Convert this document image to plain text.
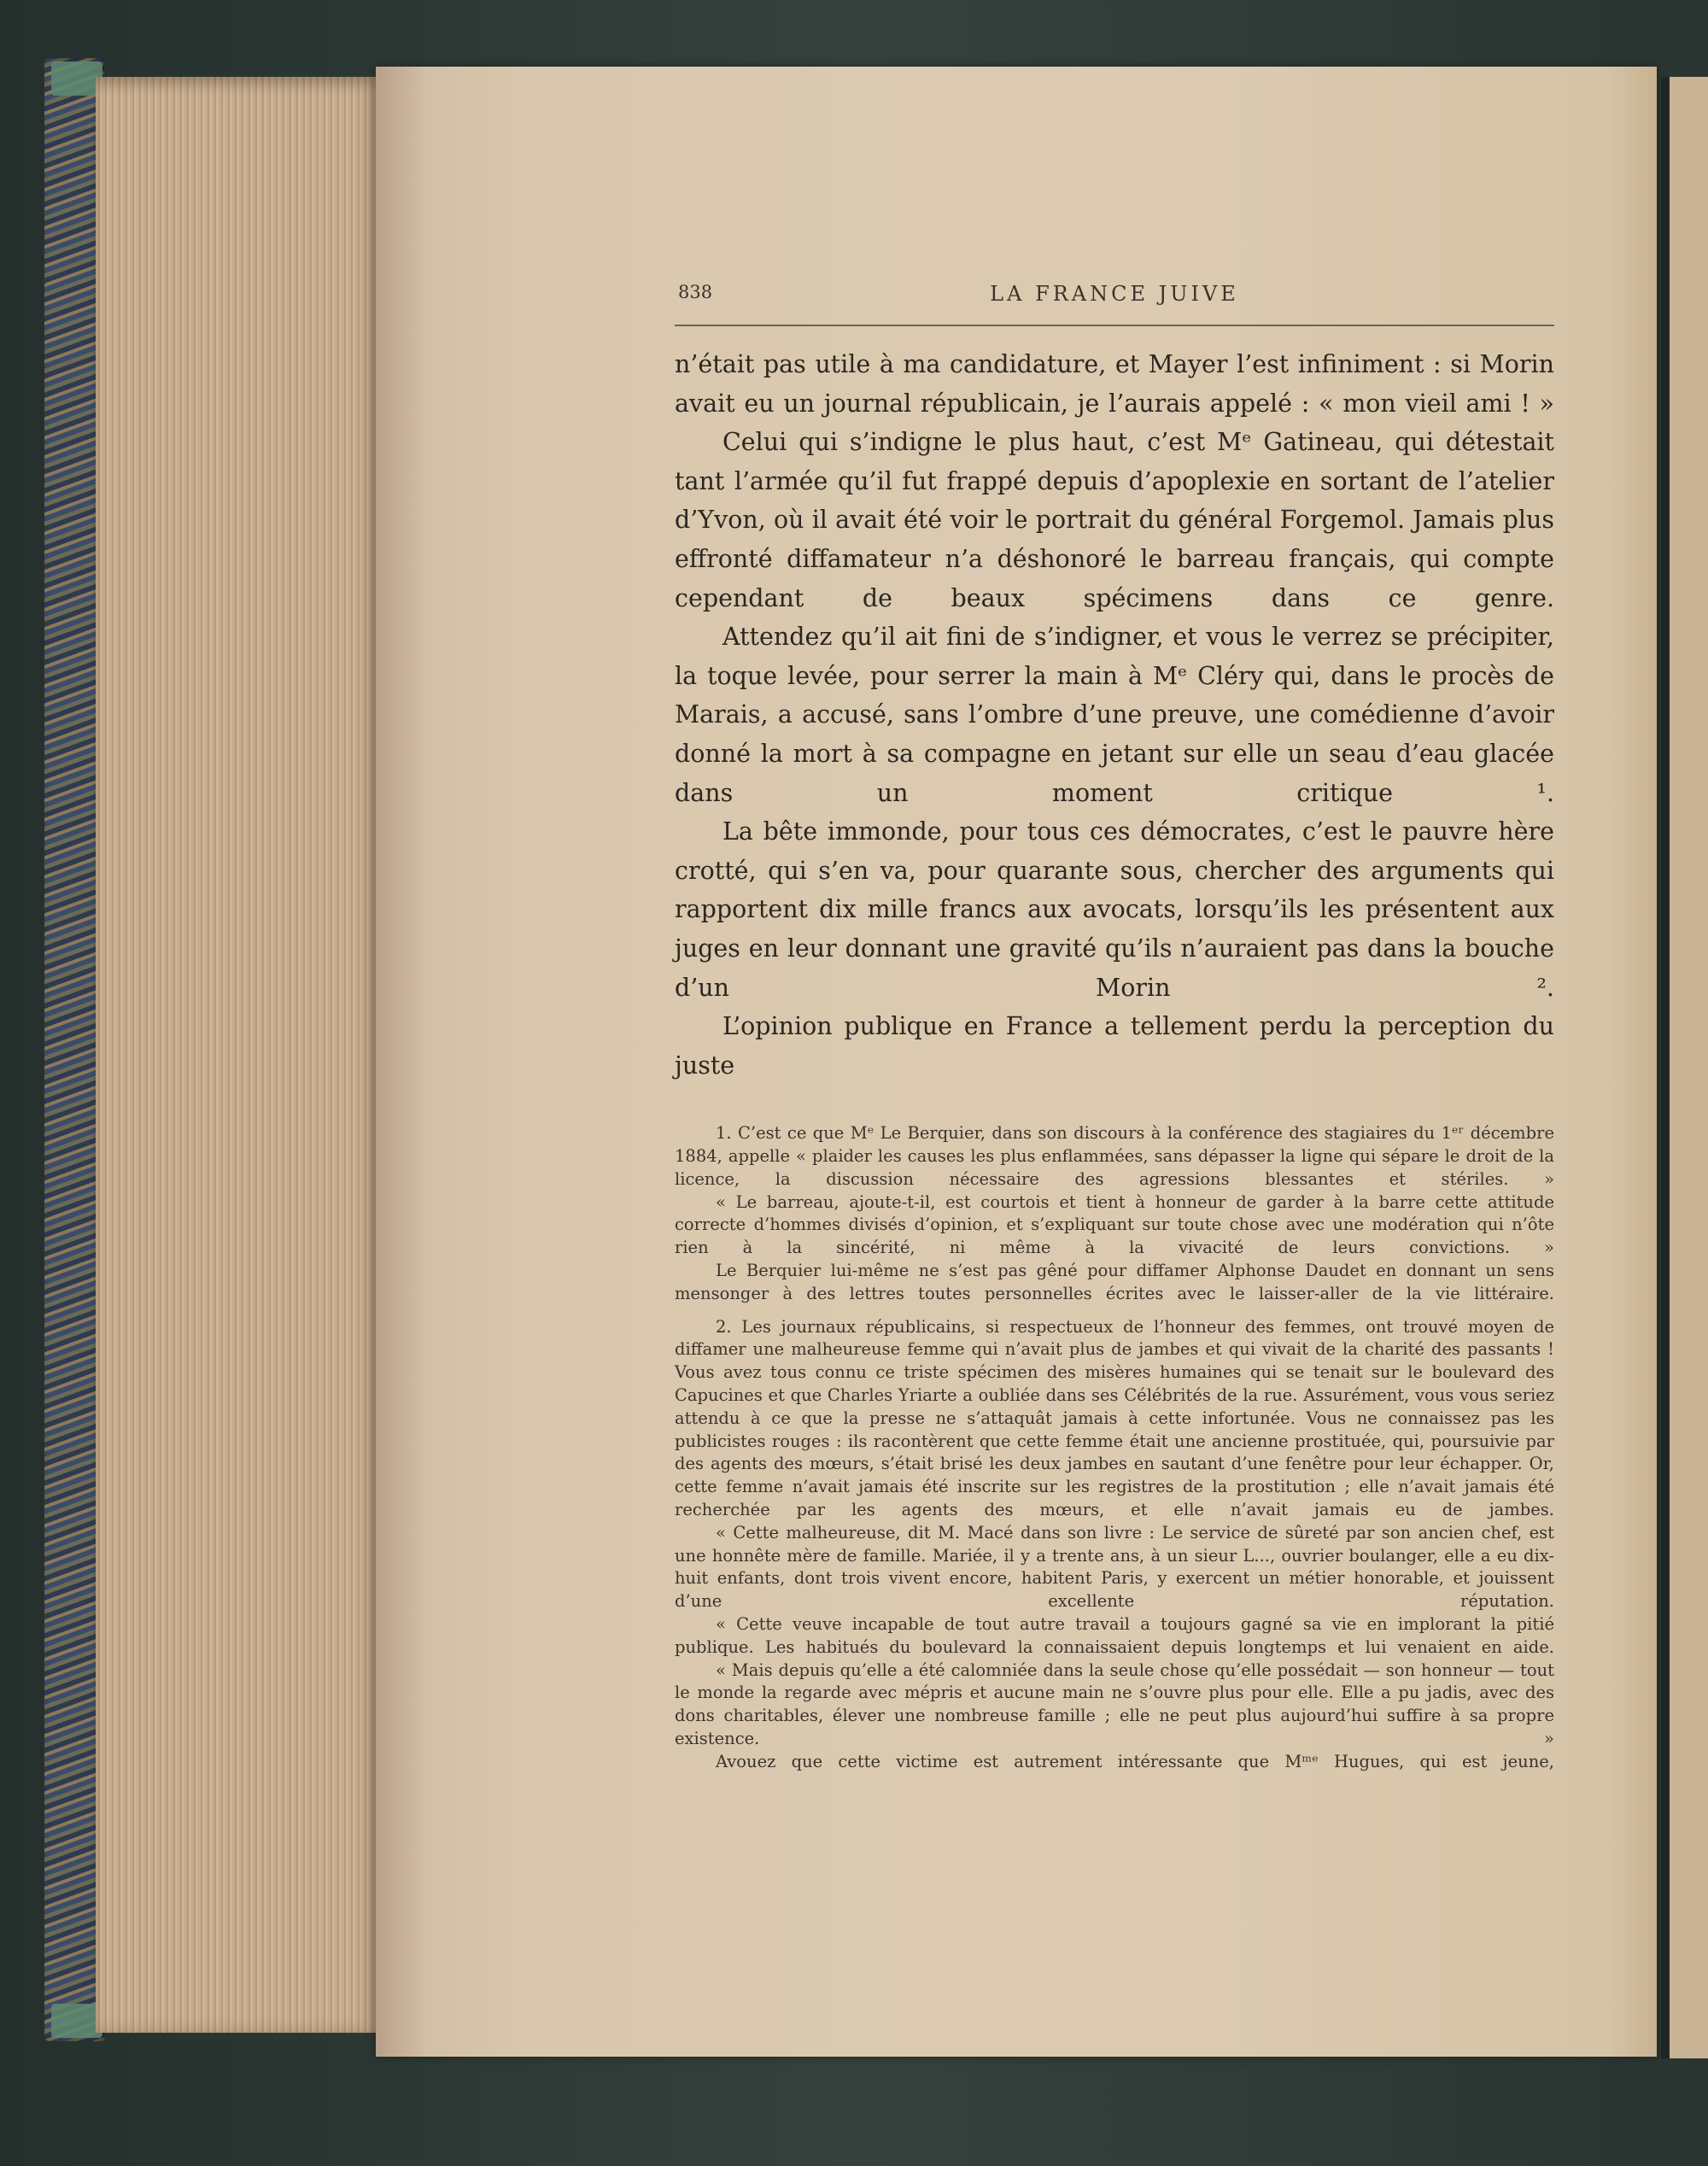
838	LA FRANCE JUIVE

n’était pas utile à ma candidature, et Mayer l’est infiniment : si Morin avait eu un journal républicain, je l’aurais appelé : « mon vieil ami ! »

Celui qui s’indigne le plus haut, c’est Mᵉ Gatineau, qui détestait tant l’armée qu’il fut frappé depuis d’apoplexie en sortant de l’atelier d’Yvon, où il avait été voir le portrait du général Forgemol. Jamais plus effronté diffamateur n’a déshonoré le barreau français, qui compte cependant de beaux spécimens dans ce genre.

Attendez qu’il ait fini de s’indigner, et vous le verrez se précipiter, la toque levée, pour serrer la main à Mᵉ Cléry qui, dans le procès de Marais, a accusé, sans l’ombre d’une preuve, une comédienne d’avoir donné la mort à sa compagne en jetant sur elle un seau d’eau glacée dans un moment critique ¹.

La bête immonde, pour tous ces démocrates, c’est le pauvre hère crotté, qui s’en va, pour quarante sous, chercher des arguments qui rapportent dix mille francs aux avocats, lorsqu’ils les présentent aux juges en leur donnant une gravité qu’ils n’auraient pas dans la bouche d’un Morin ².

L’opinion publique en France a tellement perdu la perception du juste

1. C’est ce que Mᵉ Le Berquier, dans son discours à la conférence des stagiaires du 1ᵉʳ décembre 1884, appelle « plaider les causes les plus enflammées, sans dépasser la ligne qui sépare le droit de la licence, la discussion nécessaire des agressions blessantes et stériles. »

« Le barreau, ajoute-t-il, est courtois et tient à honneur de garder à la barre cette attitude correcte d’hommes divisés d’opinion, et s’expliquant sur toute chose avec une modération qui n’ôte rien à la sincérité, ni même à la vivacité de leurs convictions. »

Le Berquier lui-même ne s’est pas gêné pour diffamer Alphonse Daudet en donnant un sens mensonger à des lettres toutes personnelles écrites avec le laisser-aller de la vie littéraire.

2. Les journaux républicains, si respectueux de l’honneur des femmes, ont trouvé moyen de diffamer une malheureuse femme qui n’avait plus de jambes et qui vivait de la charité des passants ! Vous avez tous connu ce triste spécimen des misères humaines qui se tenait sur le boulevard des Capucines et que Charles Yriarte a oubliée dans ses Célébrités de la rue. Assurément, vous vous seriez attendu à ce que la presse ne s’attaquât jamais à cette infortunée. Vous ne connaissez pas les publicistes rouges : ils racontèrent que cette femme était une ancienne prostituée, qui, poursuivie par des agents des mœurs, s’était brisé les deux jambes en sautant d’une fenêtre pour leur échapper. Or, cette femme n’avait jamais été inscrite sur les registres de la prostitution ; elle n’avait jamais été recherchée par les agents des mœurs, et elle n’avait jamais eu de jambes.

« Cette malheureuse, dit M. Macé dans son livre : Le service de sûreté par son ancien chef, est une honnête mère de famille. Mariée, il y a trente ans, à un sieur L..., ouvrier boulanger, elle a eu dix-huit enfants, dont trois vivent encore, habitent Paris, y exercent un métier honorable, et jouissent d’une excellente réputation.

« Cette veuve incapable de tout autre travail a toujours gagné sa vie en implorant la pitié publique. Les habitués du boulevard la connaissaient depuis longtemps et lui venaient en aide.

« Mais depuis qu’elle a été calomniée dans la seule chose qu’elle possédait — son honneur — tout le monde la regarde avec mépris et aucune main ne s’ouvre plus pour elle. Elle a pu jadis, avec des dons charitables, élever une nombreuse famille ; elle ne peut plus aujourd’hui suffire à sa propre existence. »

Avouez que cette victime est autrement intéressante que Mᵐᵉ Hugues, qui est jeune,
